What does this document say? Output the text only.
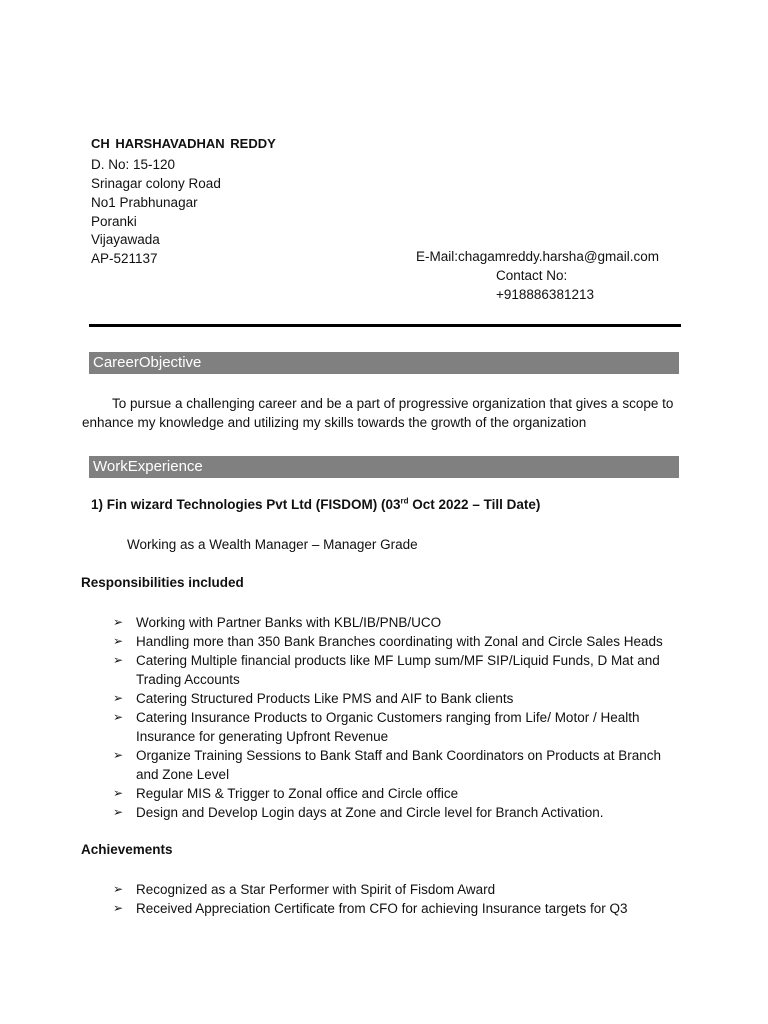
CH HARSHAVADHAN REDDY
D. No: 15-120
Srinagar colony Road
No1 Prabhunagar
Poranki
Vijayawada
AP-521137	E-Mail:chagamreddy.harsha@gmail.com
Contact No:
+918886381213
CareerObjective
To pursue a challenging career and be a part of progressive organization that gives a scope to enhance my knowledge and utilizing my skills towards the growth of the organization
WorkExperience
1) Fin wizard Technologies Pvt Ltd (FISDOM) (03rd Oct 2022 – Till Date)
Working as a Wealth Manager – Manager Grade
Responsibilities included
➢ Working with Partner Banks with KBL/IB/PNB/UCO
➢ Handling more than 350 Bank Branches coordinating with Zonal and Circle Sales Heads
➢ Catering Multiple financial products like MF Lump sum/MF SIP/Liquid Funds, D Mat and Trading Accounts
➢ Catering Structured Products Like PMS and AIF to Bank clients
➢ Catering Insurance Products to Organic Customers ranging from Life/ Motor / Health Insurance for generating Upfront Revenue
➢ Organize Training Sessions to Bank Staff and Bank Coordinators on Products at Branch and Zone Level
➢ Regular MIS & Trigger to Zonal office and Circle office
➢ Design and Develop Login days at Zone and Circle level for Branch Activation.
Achievements
➢ Recognized as a Star Performer with Spirit of Fisdom Award
➢ Received Appreciation Certificate from CFO for achieving Insurance targets for Q3
